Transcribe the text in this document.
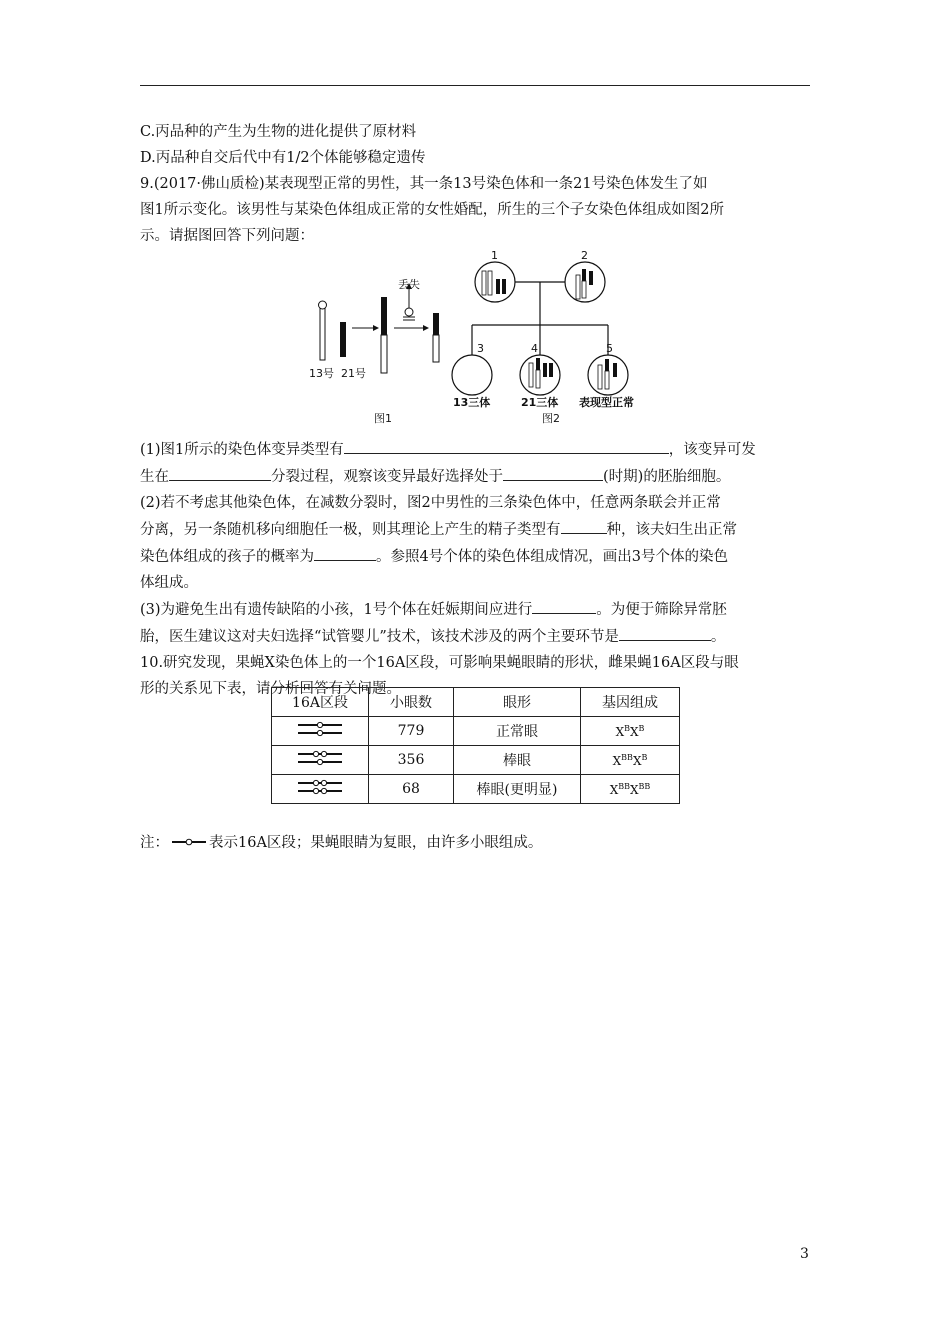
C.丙品种的产生为生物的进化提供了原材料
D.丙品种自交后代中有1/2个体能够稳定遗传
9.(2017·佛山质检)某表现型正常的男性，其一条13号染色体和一条21号染色体发生了如
图1所示变化。该男性与某染色体组成正常的女性婚配，所生的三个子女染色体组成如图2所
示。请据图回答下列问题：
丢失
13号  21号
图1
1	2
3	4	5
13三体	21三体 表现型正常
图2
(1)图1所示的染色体变异类型有	，该变异可发
生在	分裂过程，观察该变异最好选择处于	(时期)的胚胎细胞。
(2)若不考虑其他染色体，在减数分裂时，图2中男性的三条染色体中，任意两条联会并正常
分离，另一条随机移向细胞任一极，则其理论上产生的精子类型有	种，该夫妇生出正常
染色体组成的孩子的概率为	。参照4号个体的染色体组成情况，画出3号个体的染色
体组成。
(3)为避免生出有遗传缺陷的小孩，1号个体在妊娠期间应进行	。为便于筛除异常胚
胎，医生建议这对夫妇选择“试管婴儿”技术，该技术涉及的两个主要环节是	。
10.研究发现，果蝇X染色体上的一个16A区段，可影响果蝇眼睛的形状，雌果蝇16A区段与眼
形的关系见下表，请分析回答有关问题。
16A区段	小眼数	眼形	基因组成
	779	正常眼	$X^BX^B$
	356	棒眼	$X^{BB}X^B$
	68	棒眼(更明显)	$X^{BB}X^{BB}$
注：	表示16A区段；果蝇眼睛为复眼，由许多小眼组成。
3
